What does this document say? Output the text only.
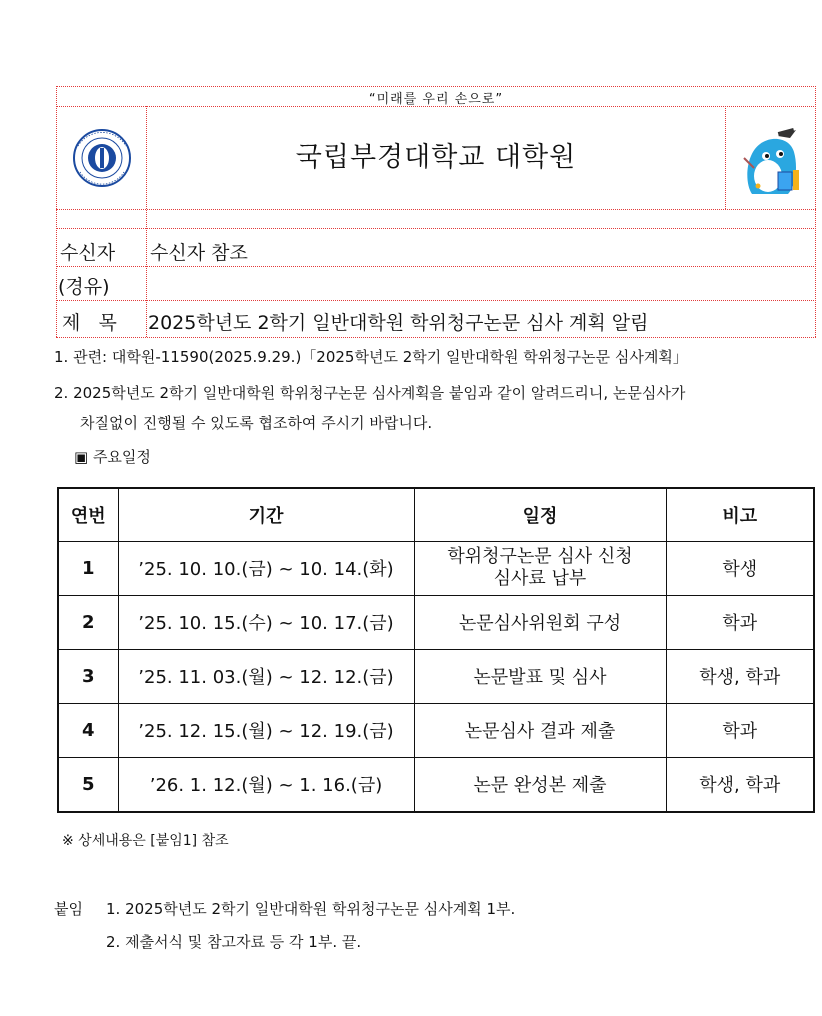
“미래를 우리 손으로”
국립부경대학교 대학원
수신자 수신자 참조
(경유)
제   목 2025학년도 2학기 일반대학원 학위청구논문 심사 계획 알림
1. 관련: 대학원-11590(2025.9.29.)「2025학년도 2학기 일반대학원 학위청구논문 심사계획」
2. 2025학년도 2학기 일반대학원 학위청구논문 심사계획을 붙임과 같이 알려드리니, 논문심사가
차질없이 진행될 수 있도록 협조하여 주시기 바랍니다.
▣ 주요일정
연번	기간	일정	비고
1	’25. 10. 10.(금) ~ 10. 14.(화)	학위청구논문 심사 신청
심사료 납부	학생
2	’25. 10. 15.(수) ~ 10. 17.(금)	논문심사위원회 구성	학과
3	’25. 11. 03.(월) ~ 12. 12.(금)	논문발표 및 심사	학생, 학과
4	’25. 12. 15.(월) ~ 12. 19.(금)	논문심사 결과 제출	학과
5	’26. 1. 12.(월) ~ 1. 16.(금)	논문 완성본 제출	학생, 학과
※ 상세내용은 [붙임1] 참조
붙임 1. 2025학년도 2학기 일반대학원 학위청구논문 심사계획 1부.
2. 제출서식 및 참고자료 등 각 1부. 끝.
